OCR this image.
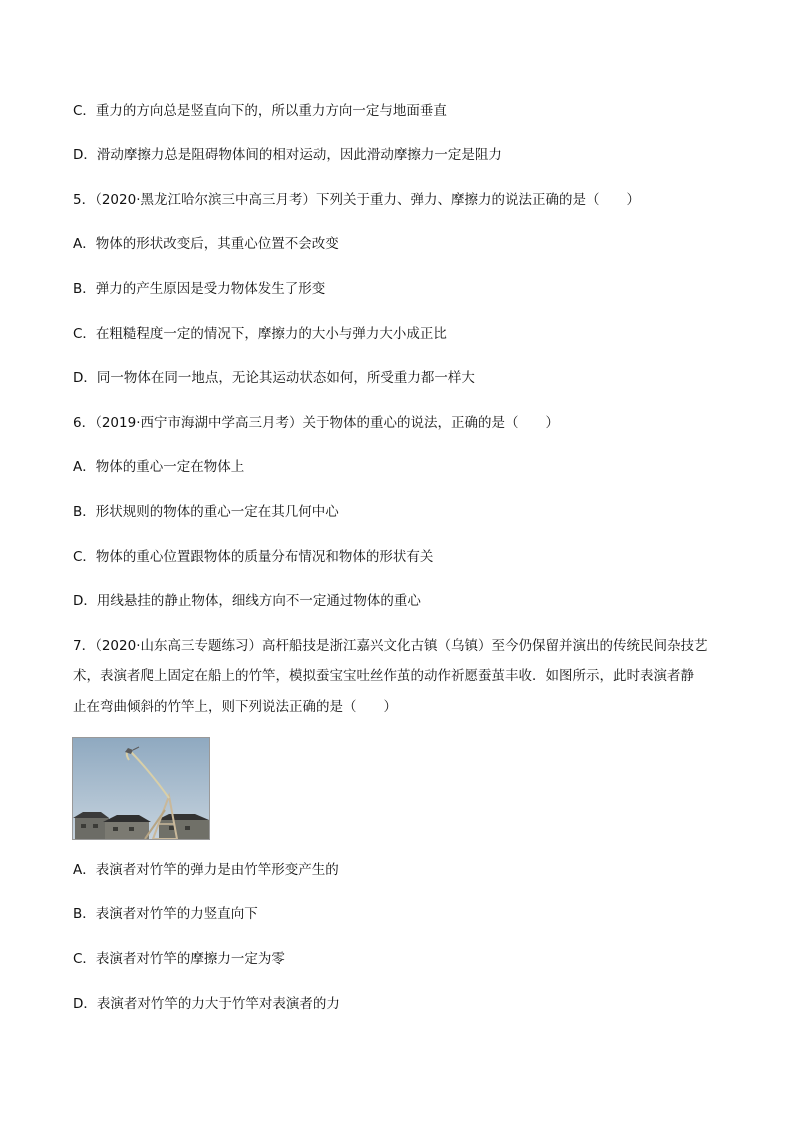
C．重力的方向总是竖直向下的，所以重力方向一定与地面垂直
D．滑动摩擦力总是阻碍物体间的相对运动，因此滑动摩擦力一定是阻力
5．（2020·黑龙江哈尔滨三中高三月考）下列关于重力、弹力、摩擦力的说法正确的是（　　）
A．物体的形状改变后，其重心位置不会改变
B．弹力的产生原因是受力物体发生了形变
C．在粗糙程度一定的情况下，摩擦力的大小与弹力大小成正比
D．同一物体在同一地点，无论其运动状态如何，所受重力都一样大
6．（2019·西宁市海湖中学高三月考）关于物体的重心的说法，正确的是（　　）
A．物体的重心一定在物体上
B．形状规则的物体的重心一定在其几何中心
C．物体的重心位置跟物体的质量分布情况和物体的形状有关
D．用线悬挂的静止物体，细线方向不一定通过物体的重心
7．（2020·山东高三专题练习）高杆船技是浙江嘉兴文化古镇（乌镇）至今仍保留并演出的传统民间杂技艺
术，表演者爬上固定在船上的竹竿，模拟蚕宝宝吐丝作茧的动作祈愿蚕茧丰收．如图所示，此时表演者静
止在弯曲倾斜的竹竿上，则下列说法正确的是（　　）
A．表演者对竹竿的弹力是由竹竿形变产生的
B．表演者对竹竿的力竖直向下
C．表演者对竹竿的摩擦力一定为零
D．表演者对竹竿的力大于竹竿对表演者的力
